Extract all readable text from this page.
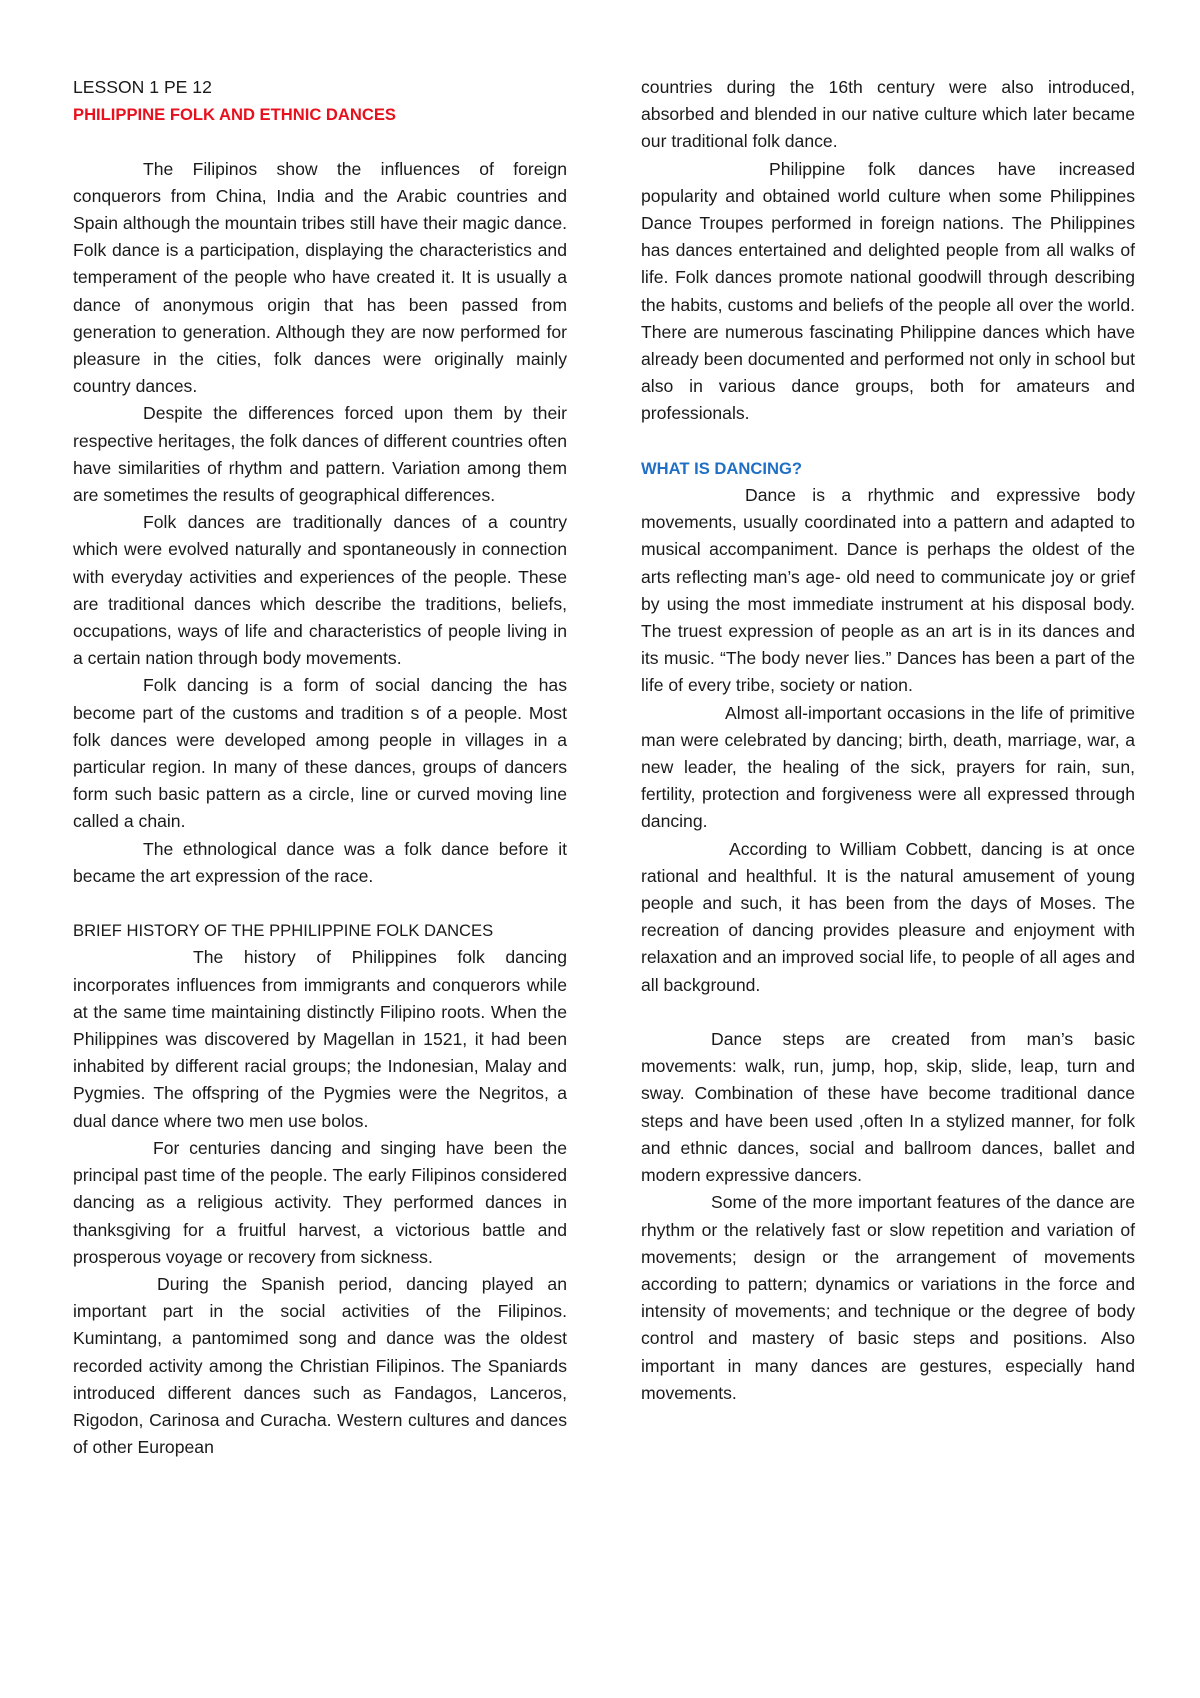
LESSON 1 PE 12
PHILIPPINE FOLK AND ETHNIC DANCES

The Filipinos show the influences of foreign conquerors from China, India and the Arabic countries and Spain although the mountain tribes still have their magic dance. Folk dance is a participation, displaying the characteristics and temperament of the people who have created it. It is usually a dance of anonymous origin that has been passed from generation to generation. Although they are now performed for pleasure in the cities, folk dances were originally mainly country dances.

Despite the differences forced upon them by their respective heritages, the folk dances of different countries often have similarities of rhythm and pattern. Variation among them are sometimes the results of geographical differences.

Folk dances are traditionally dances of a country which were evolved naturally and spontaneously in connection with everyday activities and experiences of the people. These are traditional dances which describe the traditions, beliefs, occupations, ways of life and characteristics of people living in a certain nation through body movements.

Folk dancing is a form of social dancing the has become part of the customs and tradition s of a people. Most folk dances were developed among people in villages in a particular region. In many of these dances, groups of dancers form such basic pattern as a circle, line or curved moving line called a chain.

The ethnological dance was a folk dance before it became the art expression of the race.

BRIEF HISTORY OF THE PPHILIPPINE FOLK DANCES

The history of Philippines folk dancing incorporates influences from immigrants and conquerors while at the same time maintaining distinctly Filipino roots. When the Philippines was discovered by Magellan in 1521, it had been inhabited by different racial groups; the Indonesian, Malay and Pygmies. The offspring of the Pygmies were the Negritos, a dual dance where two men use bolos.

For centuries dancing and singing have been the principal past time of the people. The early Filipinos considered dancing as a religious activity. They performed dances in thanksgiving for a fruitful harvest, a victorious battle and prosperous voyage or recovery from sickness.

During the Spanish period, dancing played an important part in the social activities of the Filipinos. Kumintang, a pantomimed song and dance was the oldest recorded activity among the Christian Filipinos. The Spaniards introduced different dances such as Fandagos, Lanceros, Rigodon, Carinosa and Curacha. Western cultures and dances of other European

countries during the 16th century were also introduced, absorbed and blended in our native culture which later became our traditional folk dance.

Philippine folk dances have increased popularity and obtained world culture when some Philippines Dance Troupes performed in foreign nations. The Philippines has dances entertained and delighted people from all walks of life. Folk dances promote national goodwill through describing the habits, customs and beliefs of the people all over the world. There are numerous fascinating Philippine dances which have already been documented and performed not only in school but also in various dance groups, both for amateurs and professionals.

WHAT IS DANCING?

Dance is a rhythmic and expressive body movements, usually coordinated into a pattern and adapted to musical accompaniment. Dance is perhaps the oldest of the arts reflecting man’s age- old need to communicate joy or grief by using the most immediate instrument at his disposal body. The truest expression of people as an art is in its dances and its music. “The body never lies.” Dances has been a part of the life of every tribe, society or nation.

Almost all-important occasions in the life of primitive man were celebrated by dancing; birth, death, marriage, war, a new leader, the healing of the sick, prayers for rain, sun, fertility, protection and forgiveness were all expressed through dancing.

According to William Cobbett, dancing is at once rational and healthful. It is the natural amusement of young people and such, it has been from the days of Moses. The recreation of dancing provides pleasure and enjoyment with relaxation and an improved social life, to people of all ages and all background.

Dance steps are created from man’s basic movements: walk, run, jump, hop, skip, slide, leap, turn and sway. Combination of these have become traditional dance steps and have been used ,often In a stylized manner, for folk and ethnic dances, social and ballroom dances, ballet and modern expressive dancers.

Some of the more important features of the dance are rhythm or the relatively fast or slow repetition and variation of movements; design or the arrangement of movements according to pattern; dynamics or variations in the force and intensity of movements; and technique or the degree of body control and mastery of basic steps and positions. Also important in many dances are gestures, especially hand movements.
